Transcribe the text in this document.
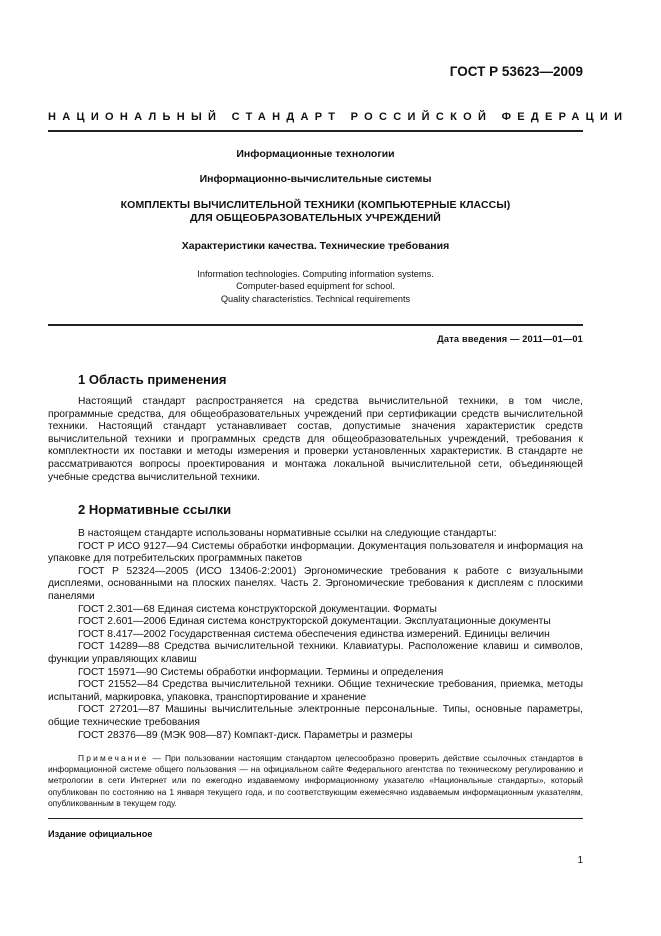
ГОСТ Р 53623—2009
НАЦИОНАЛЬНЫЙ СТАНДАРТ РОССИЙСКОЙ ФЕДЕРАЦИИ
Информационные технологии
Информационно-вычислительные системы
КОМПЛЕКТЫ ВЫЧИСЛИТЕЛЬНОЙ ТЕХНИКИ (КОМПЬЮТЕРНЫЕ КЛАССЫ)
ДЛЯ ОБЩЕОБРАЗОВАТЕЛЬНЫХ УЧРЕЖДЕНИЙ
Характеристики качества. Технические требования
Information technologies. Computing information systems.
Computer-based equipment for school.
Quality characteristics. Technical requirements
Дата введения — 2011—01—01
1 Область применения

Настоящий стандарт распространяется на средства вычислительной техники, в том числе, программные средства, для общеобразовательных учреждений при сертификации средств вычислительной техники. Настоящий стандарт устанавливает состав, допустимые значения характеристик средств вычислительной техники и программных средств для общеобразовательных учреждений, требования к комплектности их поставки и методы измерения и проверки установленных характеристик. В стандарте не рассматриваются вопросы проектирования и монтажа локальной вычислительной сети, объединяющей учебные средства вычислительной техники.

2 Нормативные ссылки

В настоящем стандарте использованы нормативные ссылки на следующие стандарты:

ГОСТ Р ИСО 9127—94 Системы обработки информации. Документация пользователя и информация на упаковке для потребительских программных пакетов

ГОСТ Р 52324—2005 (ИСО 13406-2:2001) Эргономические требования к работе с визуальными дисплеями, основанными на плоских панелях. Часть 2. Эргономические требования к дисплеям с плоскими панелями

ГОСТ 2.301—68 Единая система конструкторской документации. Форматы

ГОСТ 2.601—2006 Единая система конструкторской документации. Эксплуатационные документы

ГОСТ 8.417—2002 Государственная система обеспечения единства измерений. Единицы величин

ГОСТ 14289—88 Средства вычислительной техники. Клавиатуры. Расположение клавиш и символов, функции управляющих клавиш

ГОСТ 15971—90 Системы обработки информации. Термины и определения

ГОСТ 21552—84 Средства вычислительной техники. Общие технические требования, приемка, методы испытаний, маркировка, упаковка, транспортирование и хранение

ГОСТ 27201—87 Машины вычислительные электронные персональные. Типы, основные параметры, общие технические требования

ГОСТ 28376—89 (МЭК 908—87) Компакт-диск. Параметры и размеры

Примечание — При пользовании настоящим стандартом целесообразно проверить действие ссылочных стандартов в информационной системе общего пользования — на официальном сайте Федерального агентства по техническому регулированию и метрологии в сети Интернет или по ежегодно издаваемому информационному указателю «Национальные стандарты», который опубликован по состоянию на 1 января текущего года, и по соответствующим ежемесячно издаваемым информационным указателям, опубликованным в текущем году.
Издание официальное
1
